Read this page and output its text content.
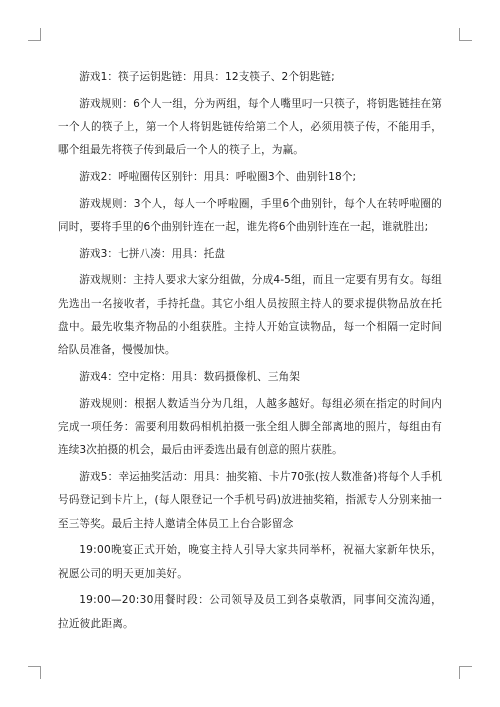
游戏1：筷子运钥匙链：用具：12支筷子、2个钥匙链;

游戏规则：6个人一组，分为两组，每个人嘴里叼一只筷子，将钥匙链挂在第一个人的筷子上，第一个人将钥匙链传给第二个人，必须用筷子传，不能用手，哪个组最先将筷子传到最后一个人的筷子上，为赢。

游戏2：呼啦圈传区别针：用具：呼啦圈3个、曲别针18个;

游戏规则：3个人，每人一个呼啦圈，手里6个曲别针，每个人在转呼啦圈的同时，要将手里的6个曲别针连在一起，谁先将6个曲别针连在一起，谁就胜出;

游戏3：七拼八凑：用具：托盘

游戏规则：主持人要求大家分组做，分成4-5组，而且一定要有男有女。每组先选出一名接收者，手持托盘。其它小组人员按照主持人的要求提供物品放在托盘中。最先收集齐物品的小组获胜。主持人开始宣读物品，每一个相隔一定时间给队员准备，慢慢加快。

游戏4：空中定格：用具：数码摄像机、三角架

游戏规则：根据人数适当分为几组，人越多越好。每组必须在指定的时间内完成一项任务：需要利用数码相机拍摄一张全组人脚全部离地的照片，每组由有连续3次拍摄的机会，最后由评委选出最有创意的照片获胜。

游戏5：幸运抽奖活动：用具：抽奖箱、卡片70张(按人数准备)将每个人手机号码登记到卡片上，(每人限登记一个手机号码)放进抽奖箱，指派专人分别来抽一至三等奖。最后主持人邀请全体员工上台合影留念

19:00晚宴正式开始，晚宴主持人引导大家共同举杯，祝福大家新年快乐，祝愿公司的明天更加美好。

19:00—20:30用餐时段：公司领导及员工到各桌敬酒，同事间交流沟通，拉近彼此距离。
